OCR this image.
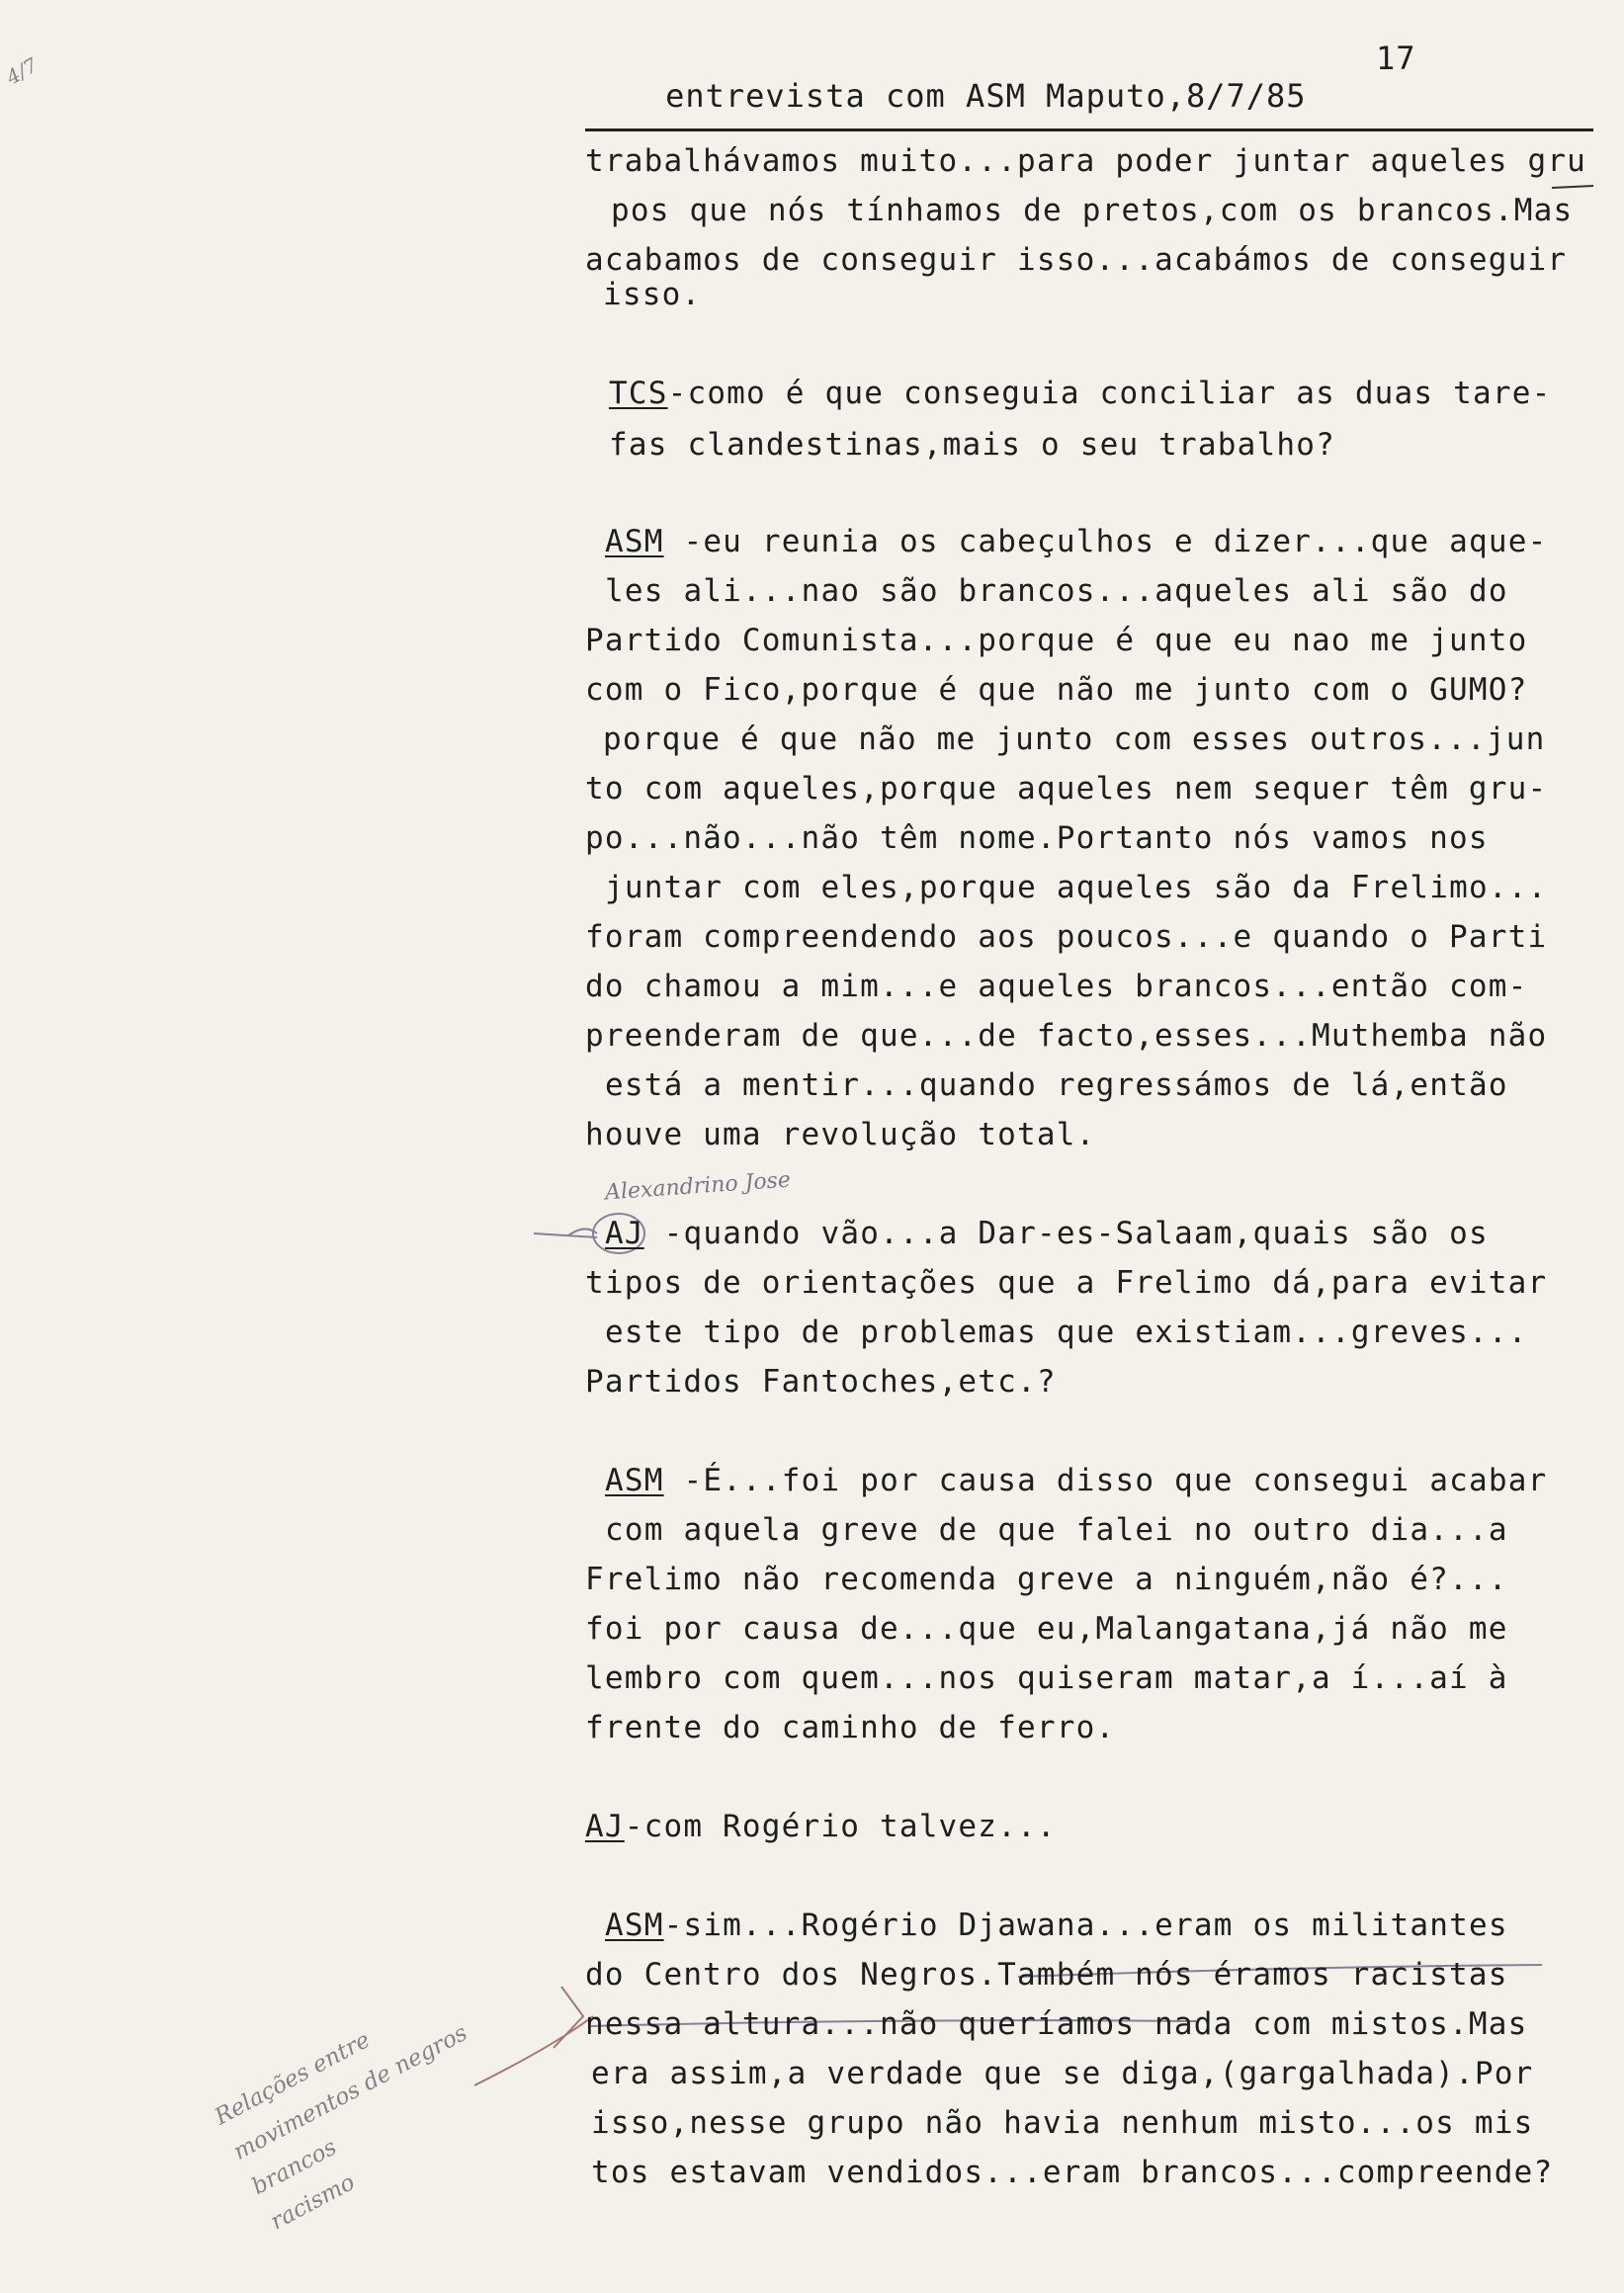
entrevista com ASM Maputo,8/7/85

17

4/7
Alexandrino Jose
Relações entre
movimentos de negros
brancos
racismo
trabalhávamos muito...para poder juntar aqueles gru
pos que nós tínhamos de pretos,com os brancos.Mas
acabamos de conseguir isso...acabámos de conseguir
isso.
TCS-como é que conseguia conciliar as duas tare-
fas clandestinas,mais o seu trabalho?
ASM -eu reunia os cabeçulhos e dizer...que aque-
les ali...nao são brancos...aqueles ali são do
Partido Comunista...porque é que eu nao me junto
com o Fico,porque é que não me junto com o GUMO?
porque é que não me junto com esses outros...jun
to com aqueles,porque aqueles nem sequer têm gru-
po...não...não têm nome.Portanto nós vamos nos
juntar com eles,porque aqueles são da Frelimo...
foram compreendendo aos poucos...e quando o Parti
do chamou a mim...e aqueles brancos...então com-
preenderam de que...de facto,esses...Muthemba não
está a mentir...quando regressámos de lá,então
houve uma revolução total.
AJ -quando vão...a Dar-es-Salaam,quais são os
tipos de orientações que a Frelimo dá,para evitar
este tipo de problemas que existiam...greves...
Partidos Fantoches,etc.?
ASM -É...foi por causa disso que consegui acabar
com aquela greve de que falei no outro dia...a
Frelimo não recomenda greve a ninguém,não é?...
foi por causa de...que eu,Malangatana,já não me
lembro com quem...nos quiseram matar,a í...aí à
frente do caminho de ferro.
AJ-com Rogério talvez...
ASM-sim...Rogério Djawana...eram os militantes
do Centro dos Negros.Também nós éramos racistas
nessa altura...não queríamos nada com mistos.Mas
era assim,a verdade que se diga,(gargalhada).Por
isso,nesse grupo não havia nenhum misto...os mis
tos estavam vendidos...eram brancos...compreende?
